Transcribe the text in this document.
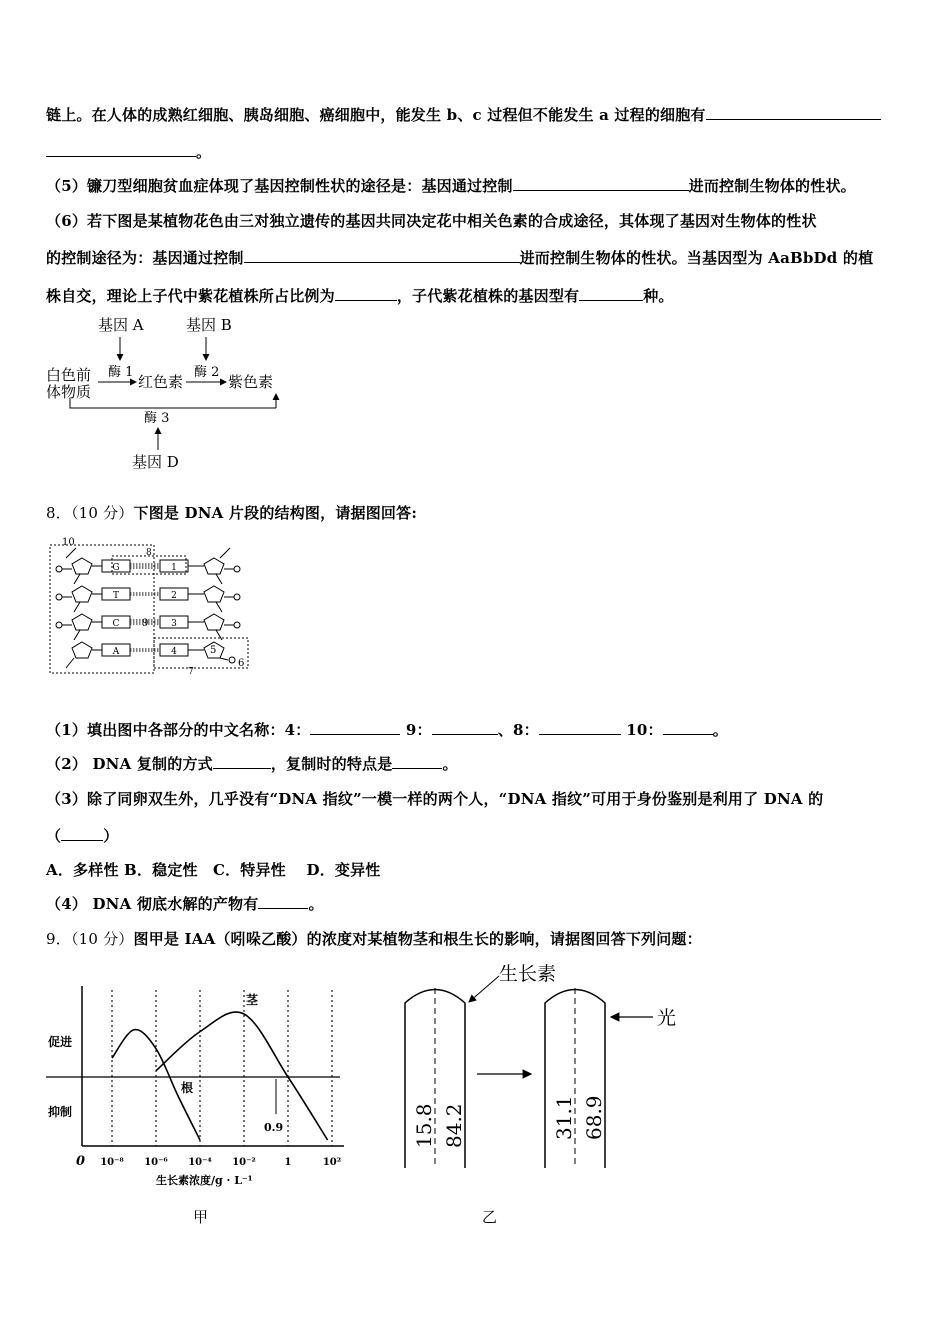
链上。在人体的成熟红细胞、胰岛细胞、癌细胞中，能发生 b、c 过程但不能发生 a 过程的细胞有
。
（5）镰刀型细胞贫血症体现了基因控制性状的途径是：基因通过控制	进而控制生物体的性状。
（6）若下图是某植物花色由三对独立遗传的基因共同决定花中相关色素的合成途径，其体现了基因对生物体的性状
的控制途径为：基因通过控制	进而控制生物体的性状。当基因型为 AaBbDd 的植
株自交，理论上子代中紫花植株所占比例为	，子代紫花植株的基因型有	种。
基因 A	基因 B
白色前
体物质
酶 1
红色素
酶 2
紫色素
酶 3
基因 D
8．（10 分）下图是 DNA 片段的结构图，请据图回答:
10
8
7
9
5
6
G
T
C
A
1
2
3
4
（1）填出图中各部分的中文名称：4：	9：	、8：	10：	。
（2） DNA 复制的方式	，复制时的特点是	。
（3）除了同卵双生外，几乎没有“DNA 指纹”一模一样的两个人，“DNA 指纹”可用于身份鉴别是利用了 DNA 的
（	）
A．多样性 B．稳定性　C．特异性　 D．变异性
（4） DNA 彻底水解的产物有	。
9．（10 分）图甲是 IAA（吲哚乙酸）的浓度对某植物茎和根生长的影响，请据图回答下列问题：
促进
抑制
0 10⁻⁸ 10⁻⁶ 10⁻⁴ 10⁻²	1	10²
茎
根
0.9
生长素浓度/g · L⁻¹
生长素
光
15.8 84.2	31.1 68.9
甲	乙
